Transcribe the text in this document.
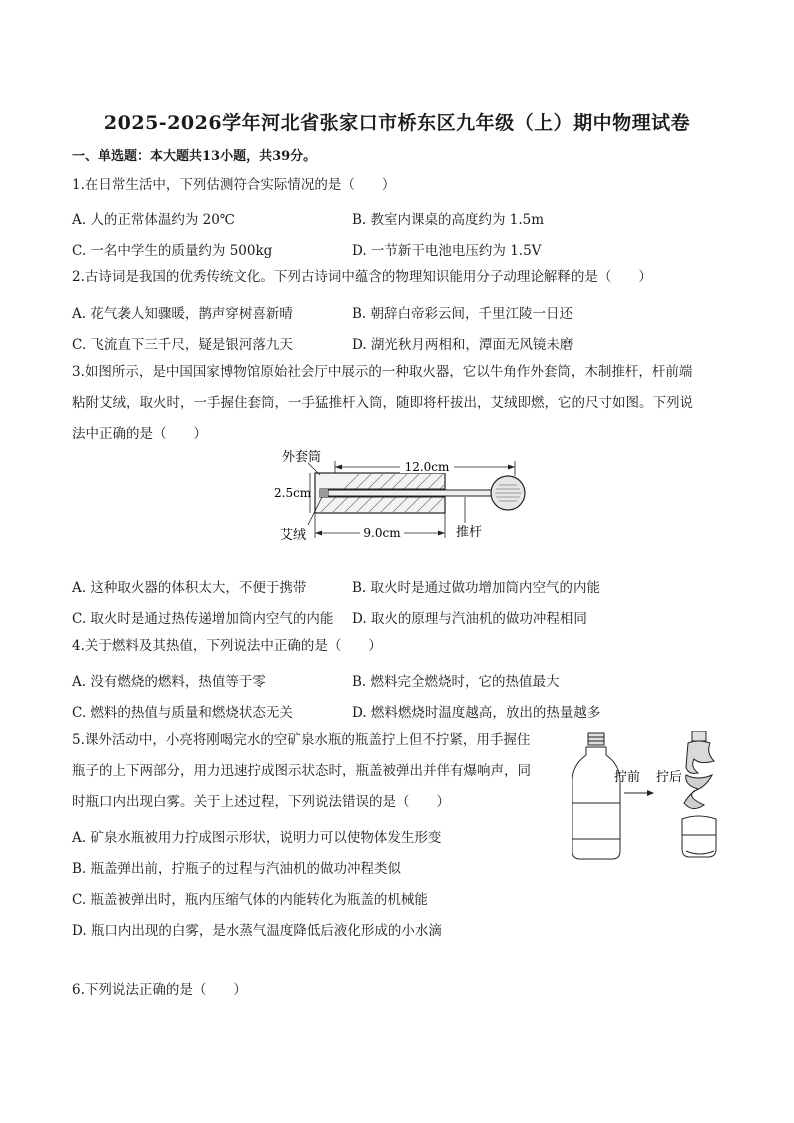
2025-2026学年河北省张家口市桥东区九年级（上）期中物理试卷
一、单选题：本大题共13小题，共39分。
1.在日常生活中，下列估测符合实际情况的是（　　）
A. 人的正常体温约为 20℃	B. 教室内课桌的高度约为 1.5m
C. 一名中学生的质量约为 500kg	D. 一节新干电池电压约为 1.5V
2.古诗词是我国的优秀传统文化。下列古诗词中蕴含的物理知识能用分子动理论解释的是（　　）
A. 花气袭人知骤暖，鹊声穿树喜新晴	B. 朝辞白帝彩云间，千里江陵一日还
C. 飞流直下三千尺，疑是银河落九天	D. 湖光秋月两相和，潭面无风镜未磨
3.如图所示，是中国国家博物馆原始社会厅中展示的一种取火器，它以牛角作外套筒，木制推杆，杆前端
粘附艾绒，取火时，一手握住套筒，一手猛推杆入筒，随即将杆拔出，艾绒即燃，它的尺寸如图。下列说
法中正确的是（　　）
12.0cm
2.5cm
9.0cm
外套筒
艾绒	推杆
A. 这种取火器的体积太大，不便于携带	B. 取火时是通过做功增加筒内空气的内能
C. 取火时是通过热传递增加筒内空气的内能 D. 取火的原理与汽油机的做功冲程相同
4.关于燃料及其热值，下列说法中正确的是（　　）
A. 没有燃烧的燃料，热值等于零	B. 燃料完全燃烧时，它的热值最大
C. 燃料的热值与质量和燃烧状态无关	D. 燃料燃烧时温度越高，放出的热量越多
5.课外活动中，小亮将刚喝完水的空矿泉水瓶的瓶盖拧上但不拧紧，用手握住
瓶子的上下两部分，用力迅速拧成图示状态时，瓶盖被弹出并伴有爆响声，同
时瓶口内出现白雾。关于上述过程，下列说法错误的是（　　）
拧前 拧后
A. 矿泉水瓶被用力拧成图示形状，说明力可以使物体发生形变
B. 瓶盖弹出前，拧瓶子的过程与汽油机的做功冲程类似
C. 瓶盖被弹出时，瓶内压缩气体的内能转化为瓶盖的机械能
D. 瓶口内出现的白雾，是水蒸气温度降低后液化形成的小水滴
6.下列说法正确的是（　　）
